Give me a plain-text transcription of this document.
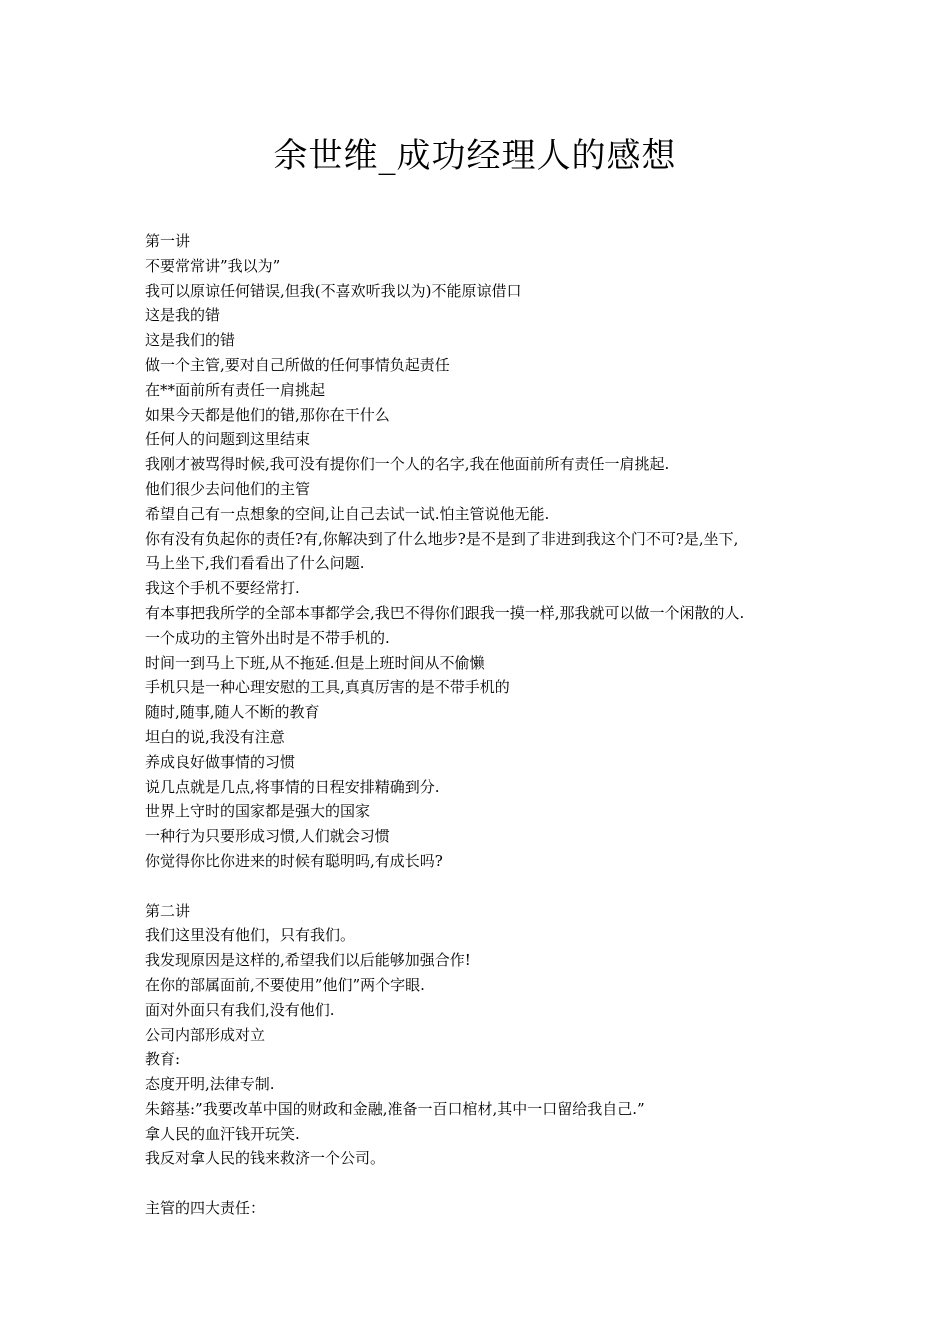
余世维_成功经理人的感想
第一讲
不要常常讲”我以为”
我可以原谅任何错误,但我(不喜欢听我以为)不能原谅借口
这是我的错
这是我们的错
做一个主管,要对自己所做的任何事情负起责任
在**面前所有责任一肩挑起
如果今天都是他们的错,那你在干什么
任何人的问题到这里结束
我刚才被骂得时候,我可没有提你们一个人的名字,我在他面前所有责任一肩挑起.
他们很少去问他们的主管
希望自己有一点想象的空间,让自己去试一试.怕主管说他无能.
你有没有负起你的责任?有,你解决到了什么地步?是不是到了非进到我这个门不可?是,坐下,
马上坐下,我们看看出了什么问题.
我这个手机不要经常打.
有本事把我所学的全部本事都学会,我巴不得你们跟我一摸一样,那我就可以做一个闲散的人.
一个成功的主管外出时是不带手机的.
时间一到马上下班,从不拖延.但是上班时间从不偷懒
手机只是一种心理安慰的工具,真真厉害的是不带手机的
随时,随事,随人不断的教育
坦白的说,我没有注意
养成良好做事情的习惯
说几点就是几点,将事情的日程安排精确到分.
世界上守时的国家都是强大的国家
一种行为只要形成习惯,人们就会习惯
你觉得你比你进来的时候有聪明吗,有成长吗?
第二讲
我们这里没有他们，只有我们。
我发现原因是这样的,希望我们以后能够加强合作!
在你的部属面前,不要使用”他们”两个字眼.
面对外面只有我们,没有他们.
公司内部形成对立
教育:
态度开明,法律专制.
朱鎔基:”我要改革中国的财政和金融,准备一百口棺材,其中一口留给我自己.”
拿人民的血汗钱开玩笑.
我反对拿人民的钱来救济一个公司。
主管的四大责任：
